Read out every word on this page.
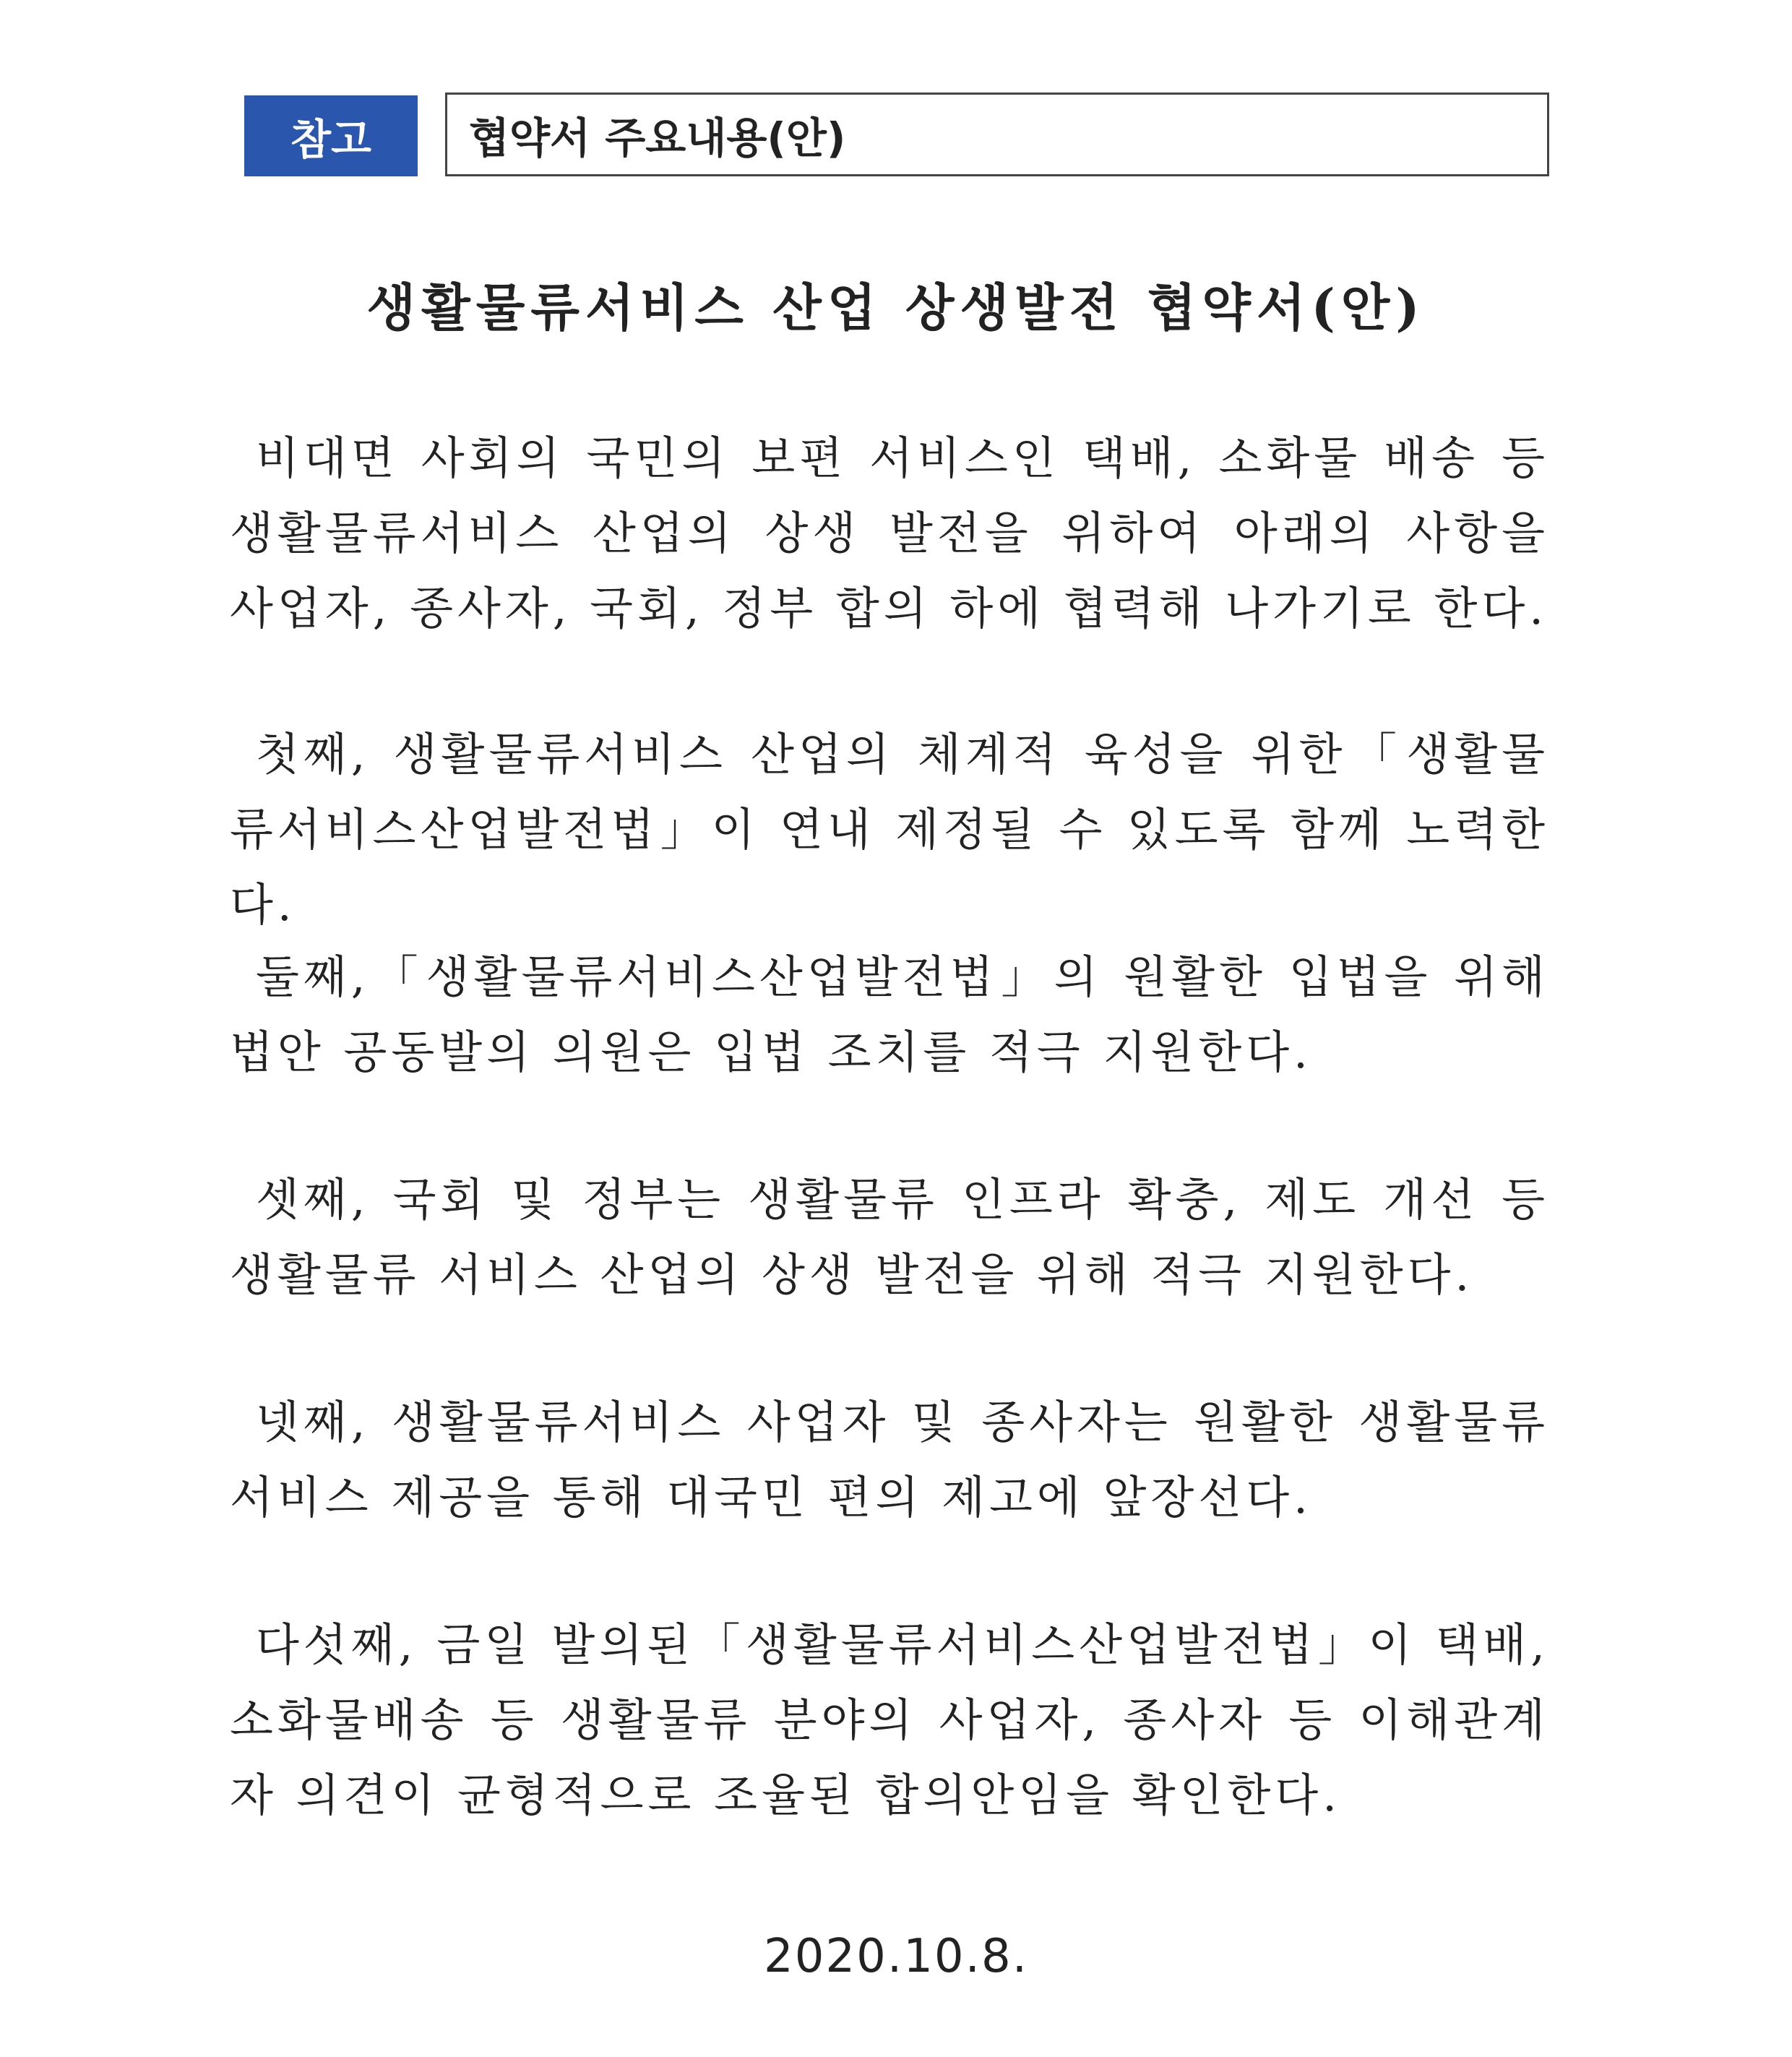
참고	협약서 주요내용(안)
생활물류서비스 산업 상생발전 협약서(안)

비대면 사회의 국민의 보편 서비스인 택배, 소화물 배송 등 생활물류서비스 산업의 상생 발전을 위하여 아래의 사항을 사업자, 종사자, 국회, 정부 합의 하에 협력해 나가기로 한다.

첫째, 생활물류서비스 산업의 체계적 육성을 위한「생활물류서비스산업발전법」이 연내 제정될 수 있도록 함께 노력한다.

둘째,「생활물류서비스산업발전법」의 원활한 입법을 위해 법안 공동발의 의원은 입법 조치를 적극 지원한다.

셋째, 국회 및 정부는 생활물류 인프라 확충, 제도 개선 등 생활물류 서비스 산업의 상생 발전을 위해 적극 지원한다.

넷째, 생활물류서비스 사업자 및 종사자는 원활한 생활물류 서비스 제공을 통해 대국민 편의 제고에 앞장선다.

다섯째, 금일 발의된「생활물류서비스산업발전법」이 택배, 소화물배송 등 생활물류 분야의 사업자, 종사자 등 이해관계자 의견이 균형적으로 조율된 합의안임을 확인한다.

2020.10.8.
